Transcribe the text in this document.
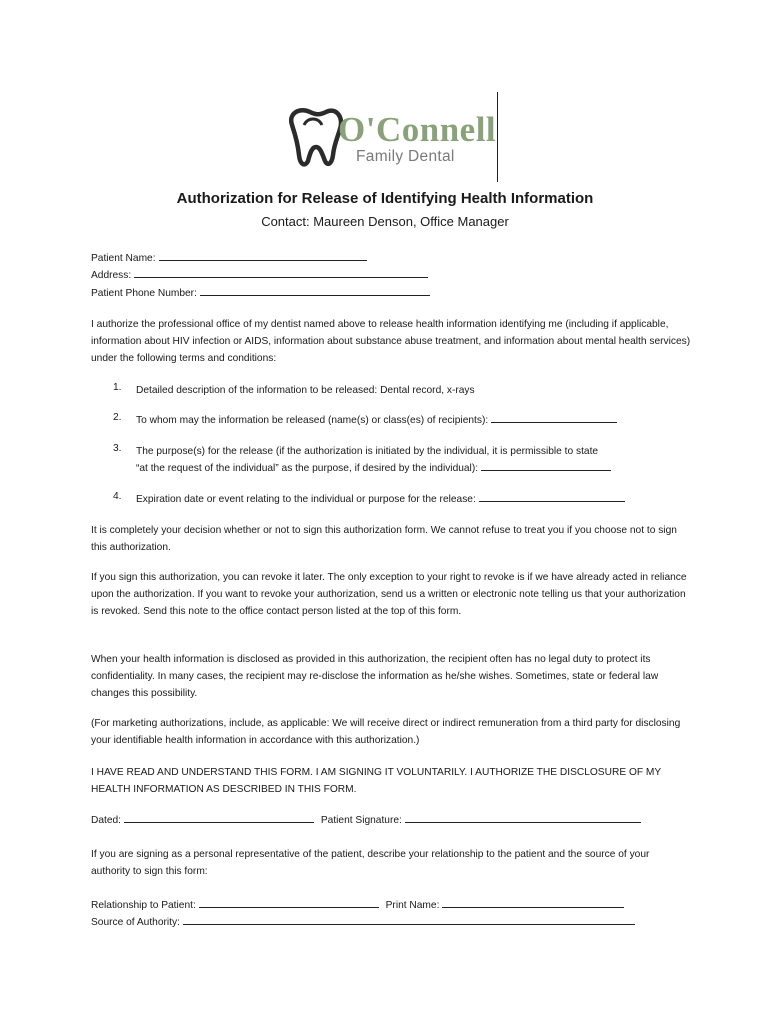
O'Connell
Family Dental
Authorization for Release of Identifying Health Information
Contact: Maureen Denson, Office Manager
Patient Name:
Address:
Patient Phone Number:
I authorize the professional office of my dentist named above to release health information identifying me (including if applicable, information about HIV infection or AIDS, information about substance abuse treatment, and information about mental health services) under the following terms and conditions:
1. Detailed description of the information to be released: Dental record, x-rays
2. To whom may the information be released (name(s) or class(es) of recipients):
3. The purpose(s) for the release (if the authorization is initiated by the individual, it is permissible to state
“at the request of the individual” as the purpose, if desired by the individual):
4. Expiration date or event relating to the individual or purpose for the release:
It is completely your decision whether or not to sign this authorization form. We cannot refuse to treat you if you choose not to sign this authorization.
If you sign this authorization, you can revoke it later. The only exception to your right to revoke is if we have already acted in reliance upon the authorization. If you want to revoke your authorization, send us a written or electronic note telling us that your authorization is revoked. Send this note to the office contact person listed at the top of this form.
When your health information is disclosed as provided in this authorization, the recipient often has no legal duty to protect its confidentiality. In many cases, the recipient may re-disclose the information as he/she wishes. Sometimes, state or federal law changes this possibility.
(For marketing authorizations, include, as applicable: We will receive direct or indirect remuneration from a third party for disclosing your identifiable health information in accordance with this authorization.)
I HAVE READ AND UNDERSTAND THIS FORM. I AM SIGNING IT VOLUNTARILY. I AUTHORIZE THE DISCLOSURE OF MY HEALTH INFORMATION AS DESCRIBED IN THIS FORM.
Dated:	Patient Signature:
If you are signing as a personal representative of the patient, describe your relationship to the patient and the source of your authority to sign this form:
Relationship to Patient:	Print Name:
Source of Authority:
